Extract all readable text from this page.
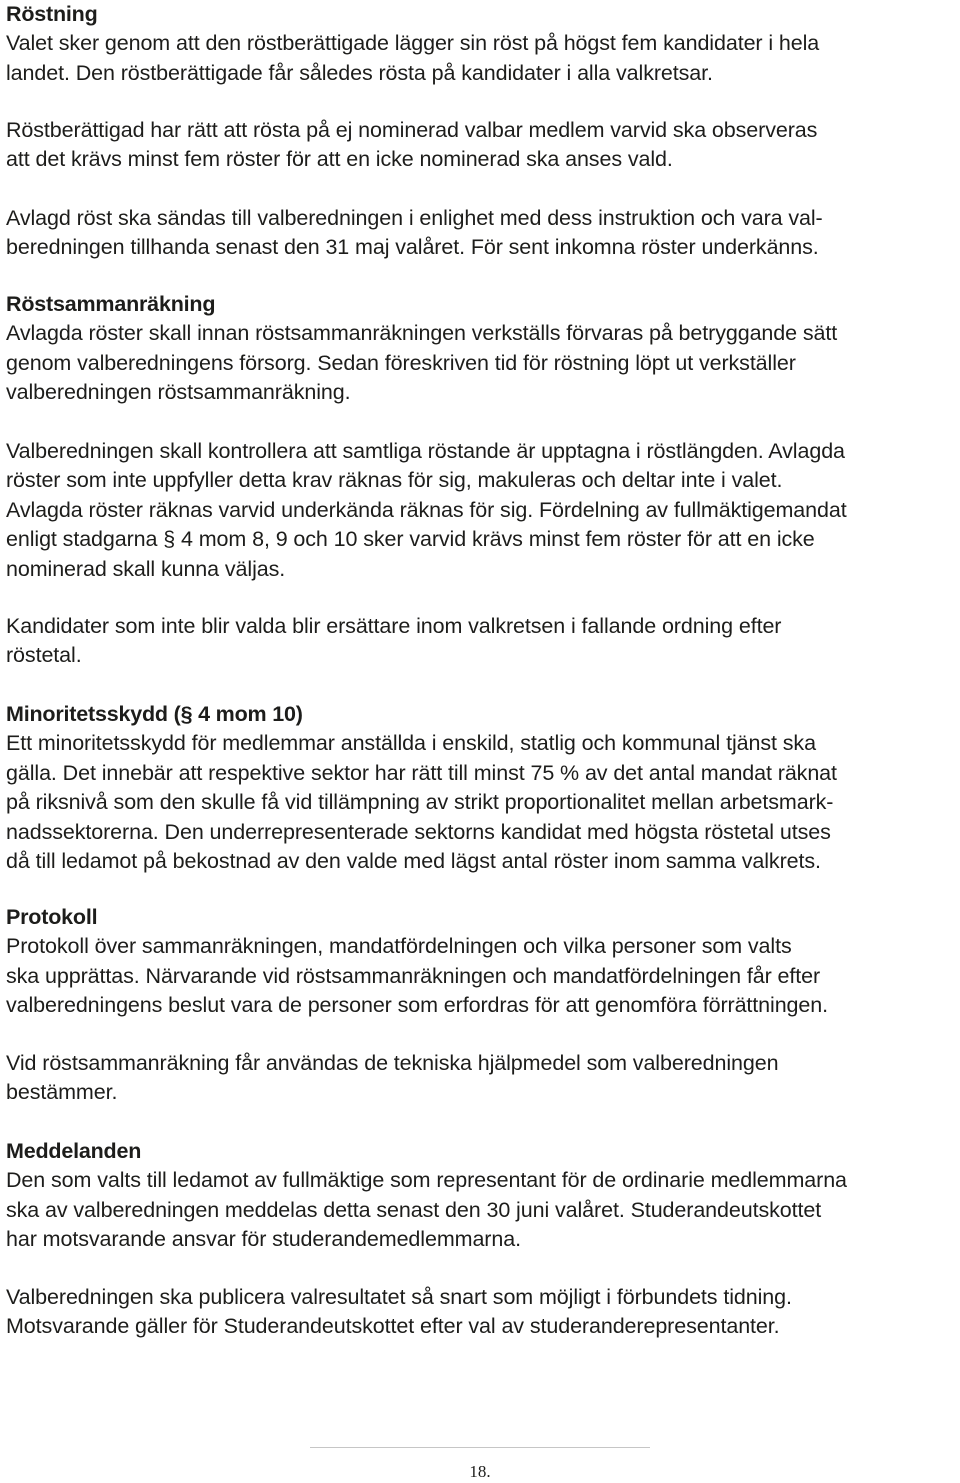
Röstning
Valet sker genom att den röstberättigade lägger sin röst på högst fem kandidater i hela
landet. Den röstberättigade får således rösta på kandidater i alla valkretsar.
Röstberättigad har rätt att rösta på ej nominerad valbar medlem varvid ska observeras
att det krävs minst fem röster för att en icke nominerad ska anses vald.
Avlagd röst ska sändas till valberedningen i enlighet med dess instruktion och vara val-
beredningen tillhanda senast den 31 maj valåret. För sent inkomna röster underkänns.
Röstsammanräkning
Avlagda röster skall innan röstsammanräkningen verkställs förvaras på betryggande sätt
genom valberedningens försorg. Sedan föreskriven tid för röstning löpt ut verkställer
valberedningen röstsammanräkning.
Valberedningen skall kontrollera att samtliga röstande är upptagna i röstlängden. Avlagda
röster som inte uppfyller detta krav räknas för sig, makuleras och deltar inte i valet.
Avlagda röster räknas varvid underkända räknas för sig. Fördelning av fullmäktigemandat
enligt stadgarna § 4 mom 8, 9 och 10 sker varvid krävs minst fem röster för att en icke
nominerad skall kunna väljas.
Kandidater som inte blir valda blir ersättare inom valkretsen i fallande ordning efter
röstetal.
Minoritetsskydd (§ 4 mom 10)
Ett minoritetsskydd för medlemmar anställda i enskild, statlig och kommunal tjänst ska
gälla. Det innebär att respektive sektor har rätt till minst 75 % av det antal mandat räknat
på riksnivå som den skulle få vid tillämpning av strikt proportionalitet mellan arbetsmark-
nadssektorerna. Den underrepresenterade sektorns kandidat med högsta röstetal utses
då till ledamot på bekostnad av den valde med lägst antal röster inom samma valkrets.
Protokoll
Protokoll över sammanräkningen, mandatfördelningen och vilka personer som valts
ska upprättas. Närvarande vid röstsammanräkningen och mandatfördelningen får efter
valberedningens beslut vara de personer som erfordras för att genomföra förrättningen.
Vid röstsammanräkning får användas de tekniska hjälpmedel som valberedningen
bestämmer.
Meddelanden
Den som valts till ledamot av fullmäktige som representant för de ordinarie medlemmarna
ska av valberedningen meddelas detta senast den 30 juni valåret. Studerandeutskottet
har motsvarande ansvar för studerandemedlemmarna.
Valberedningen ska publicera valresultatet så snart som möjligt i förbundets tidning.
Motsvarande gäller för Studerandeutskottet efter val av studeranderepresentanter.
18.
